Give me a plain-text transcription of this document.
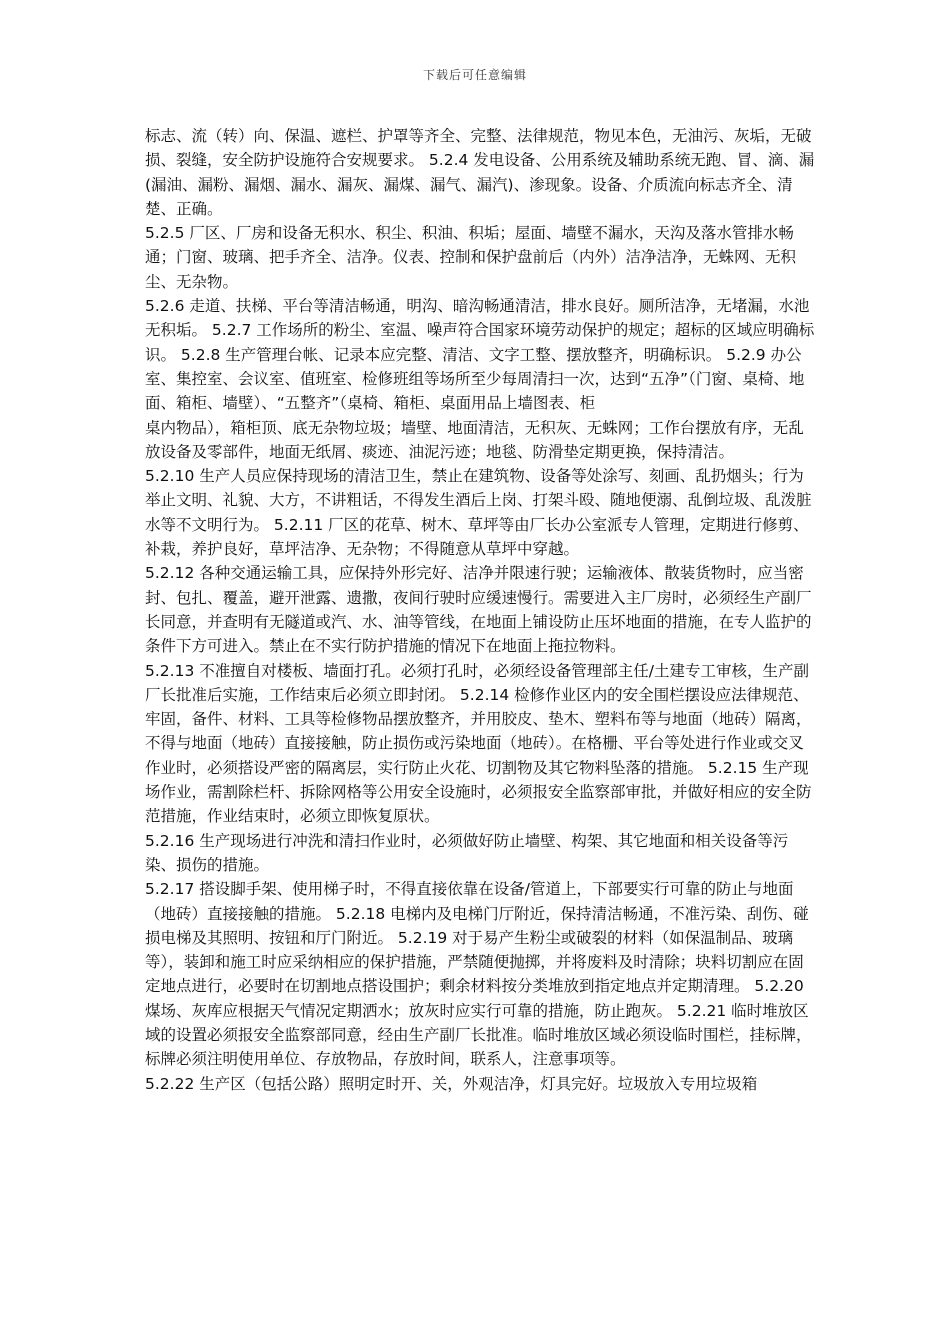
下载后可任意编辑

标志、流（转）向、保温、遮栏、护罩等齐全、完整、法律规范，物见本色，无油污、灰垢，无破损、裂缝，安全防护设施符合安规要求。 5.2.4 发电设备、公用系统及辅助系统无跑、冒、滴、漏(漏油、漏粉、漏烟、漏水、漏灰、漏煤、漏气、漏汽)、渗现象。设备、介质流向标志齐全、清楚、正确。

5.2.5 厂区、厂房和设备无积水、积尘、积油、积垢；屋面、墙壁不漏水，天沟及落水管排水畅通；门窗、玻璃、把手齐全、洁净。仪表、控制和保护盘前后（内外）洁净洁净，无蛛网、无积尘、无杂物。

5.2.6 走道、扶梯、平台等清洁畅通，明沟、暗沟畅通清洁，排水良好。厕所洁净，无堵漏，水池无积垢。 5.2.7 工作场所的粉尘、室温、噪声符合国家环境劳动保护的规定；超标的区域应明确标识。 5.2.8 生产管理台帐、记录本应完整、清洁、文字工整、摆放整齐，明确标识。 5.2.9 办公室、集控室、会议室、值班室、检修班组等场所至少每周清扫一次，达到“五净”（门窗、桌椅、地面、箱柜、墙壁）、“五整齐”（桌椅、箱柜、桌面用品上墙图表、柜

桌内物品），箱柜顶、底无杂物垃圾；墙壁、地面清洁，无积灰、无蛛网；工作台摆放有序，无乱放设备及零部件，地面无纸屑、痰迹、油泥污迹；地毯、防滑垫定期更换，保持清洁。

5.2.10 生产人员应保持现场的清洁卫生，禁止在建筑物、设备等处涂写、刻画、乱扔烟头；行为举止文明、礼貌、大方，不讲粗话，不得发生酒后上岗、打架斗殴、随地便溺、乱倒垃圾、乱泼脏水等不文明行为。 5.2.11 厂区的花草、树木、草坪等由厂长办公室派专人管理，定期进行修剪、补栽，养护良好，草坪洁净、无杂物；不得随意从草坪中穿越。

5.2.12 各种交通运输工具，应保持外形完好、洁净并限速行驶；运输液体、散装货物时，应当密封、包扎、覆盖，避开泄露、遗撒，夜间行驶时应缓速慢行。需要进入主厂房时，必须经生产副厂长同意，并查明有无隧道或汽、水、油等管线，在地面上铺设防止压坏地面的措施，在专人监护的条件下方可进入。禁止在不实行防护措施的情况下在地面上拖拉物料。

5.2.13 不准擅自对楼板、墙面打孔。必须打孔时，必须经设备管理部主任/土建专工审核，生产副厂长批准后实施，工作结束后必须立即封闭。 5.2.14 检修作业区内的安全围栏摆设应法律规范、牢固，备件、材料、工具等检修物品摆放整齐，并用胶皮、垫木、塑料布等与地面（地砖）隔离，不得与地面（地砖）直接接触，防止损伤或污染地面（地砖）。在格栅、平台等处进行作业或交叉作业时，必须搭设严密的隔离层，实行防止火花、切割物及其它物料坠落的措施。 5.2.15 生产现场作业，需割除栏杆、拆除网格等公用安全设施时，必须报安全监察部审批，并做好相应的安全防范措施，作业结束时，必须立即恢复原状。

5.2.16 生产现场进行冲洗和清扫作业时，必须做好防止墙壁、构架、其它地面和相关设备等污染、损伤的措施。

5.2.17 搭设脚手架、使用梯子时，不得直接依靠在设备/管道上，下部要实行可靠的防止与地面（地砖）直接接触的措施。 5.2.18 电梯内及电梯门厅附近，保持清洁畅通，不准污染、刮伤、碰损电梯及其照明、按钮和厅门附近。 5.2.19 对于易产生粉尘或破裂的材料（如保温制品、玻璃等），装卸和施工时应采纳相应的保护措施，严禁随便抛掷，并将废料及时清除；块料切割应在固定地点进行，必要时在切割地点搭设围护；剩余材料按分类堆放到指定地点并定期清理。 5.2.20 煤场、灰库应根据天气情况定期洒水；放灰时应实行可靠的措施，防止跑灰。 5.2.21 临时堆放区域的设置必须报安全监察部同意，经由生产副厂长批准。临时堆放区域必须设临时围栏，挂标牌，标牌必须注明使用单位、存放物品，存放时间，联系人，注意事项等。

5.2.22 生产区（包括公路）照明定时开、关，外观洁净，灯具完好。垃圾放入专用垃圾箱
